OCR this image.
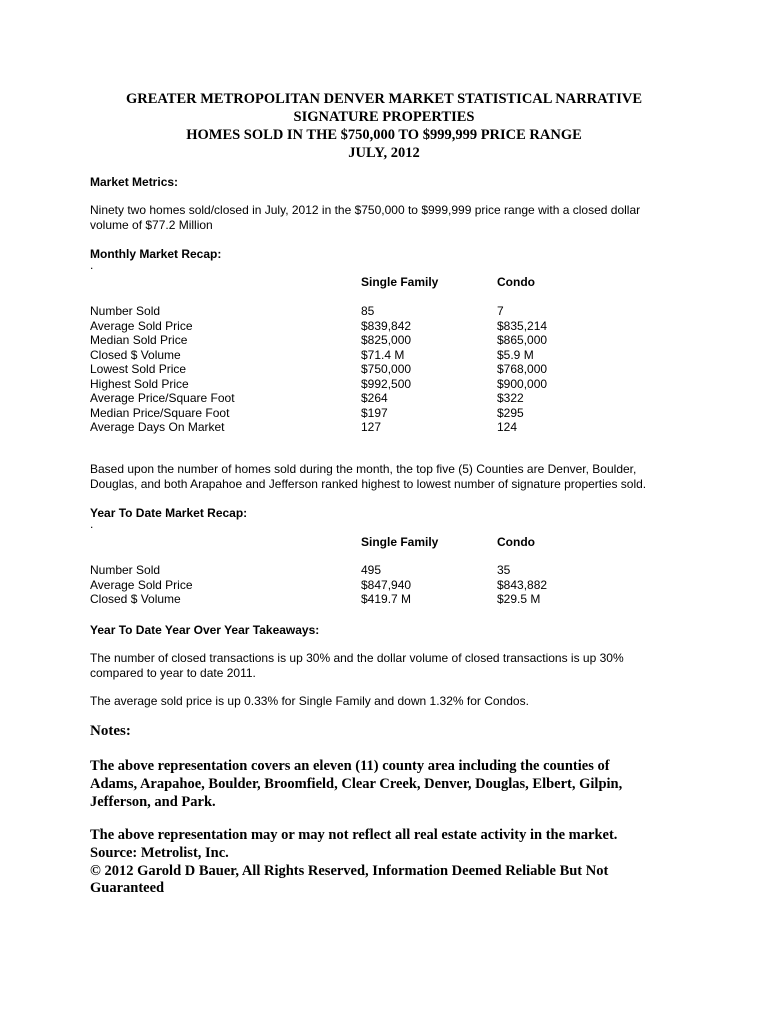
GREATER METROPOLITAN DENVER MARKET STATISTICAL NARRATIVE
SIGNATURE PROPERTIES
HOMES SOLD IN THE $750,000 TO $999,999 PRICE RANGE
JULY, 2012
Market Metrics:
Ninety two homes sold/closed in July, 2012 in the $750,000 to $999,999 price range with a closed dollar
volume of $77.2 Million
Monthly Market Recap:
.
Single Family	Condo
Number Sold	85	7
Average Sold Price	$839,842	$835,214
Median Sold Price	$825,000	$865,000
Closed $ Volume	$71.4 M	$5.9 M
Lowest Sold Price	$750,000	$768,000
Highest Sold Price	$992,500	$900,000
Average Price/Square Foot	$264	$322
Median Price/Square Foot	$197	$295
Average Days On Market	127	124
Based upon the number of homes sold during the month, the top five (5) Counties are Denver, Boulder,
Douglas, and both Arapahoe and Jefferson ranked highest to lowest number of signature properties sold.
Year To Date Market Recap:
.
Single Family	Condo
Number Sold	495	35
Average Sold Price	$847,940	$843,882
Closed $ Volume	$419.7 M	$29.5 M
Year To Date Year Over Year Takeaways:
The number of closed transactions is up 30% and the dollar volume of closed transactions is up 30%
compared to year to date 2011.
The average sold price is up 0.33% for Single Family and down 1.32% for Condos.
Notes:
The above representation covers an eleven (11) county area including the counties of
Adams, Arapahoe, Boulder, Broomfield, Clear Creek, Denver, Douglas, Elbert, Gilpin,
Jefferson, and Park.
The above representation may or may not reflect all real estate activity in the market.
Source: Metrolist, Inc.
© 2012 Garold D Bauer, All Rights Reserved, Information Deemed Reliable But Not
Guaranteed
